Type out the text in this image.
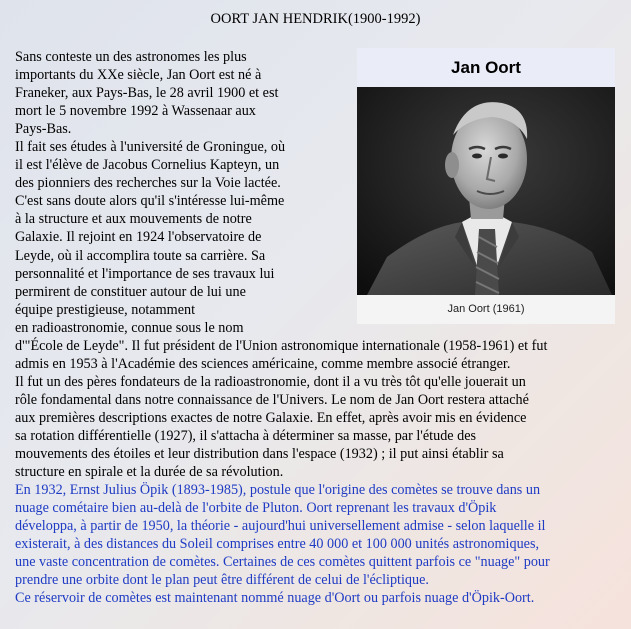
OORT JAN HENDRIK(1900-1992)
Jan Oort
Jan Oort (1961)
Sans conteste un des astronomes les plus
importants du XXe siècle, Jan Oort est né à
Franeker, aux Pays-Bas, le 28 avril 1900 et est
mort le 5 novembre 1992 à Wassenaar aux
Pays-Bas.
Il fait ses études à l'université de Groningue, où
il est l'élève de Jacobus Cornelius Kapteyn, un
des pionniers des recherches sur la Voie lactée.
C'est sans doute alors qu'il s'intéresse lui-même
à la structure et aux mouvements de notre
Galaxie. Il rejoint en 1924 l'observatoire de
Leyde, où il accomplira toute sa carrière. Sa
personnalité et l'importance de ses travaux lui
permirent de constituer autour de lui une
équipe prestigieuse, notamment
en radioastronomie, connue sous le nom
d'"École de Leyde". Il fut président de l'Union astronomique internationale (1958-1961) et fut
admis en 1953 à l'Académie des sciences américaine, comme membre associé étranger.
Il fut un des pères fondateurs de la radioastronomie, dont il a vu très tôt qu'elle jouerait un
rôle fondamental dans notre connaissance de l'Univers. Le nom de Jan Oort restera attaché
aux premières descriptions exactes de notre Galaxie. En effet, après avoir mis en évidence
sa rotation différentielle (1927), il s'attacha à déterminer sa masse, par l'étude des
mouvements des étoiles et leur distribution dans l'espace (1932) ; il put ainsi établir sa
structure en spirale et la durée de sa révolution.
En 1932, Ernst Julius Öpik (1893-1985), postule que l'origine des comètes se trouve dans un
nuage cométaire bien au-delà de l'orbite de Pluton. Oort reprenant les travaux d'Öpik
développa, à partir de 1950, la théorie - aujourd'hui universellement admise - selon laquelle il
existerait, à des distances du Soleil comprises entre 40 000 et 100 000 unités astronomiques,
une vaste concentration de comètes. Certaines de ces comètes quittent parfois ce "nuage" pour
prendre une orbite dont le plan peut être différent de celui de l'écliptique.
Ce réservoir de comètes est maintenant nommé nuage d'Oort ou parfois nuage d'Öpik-Oort.
